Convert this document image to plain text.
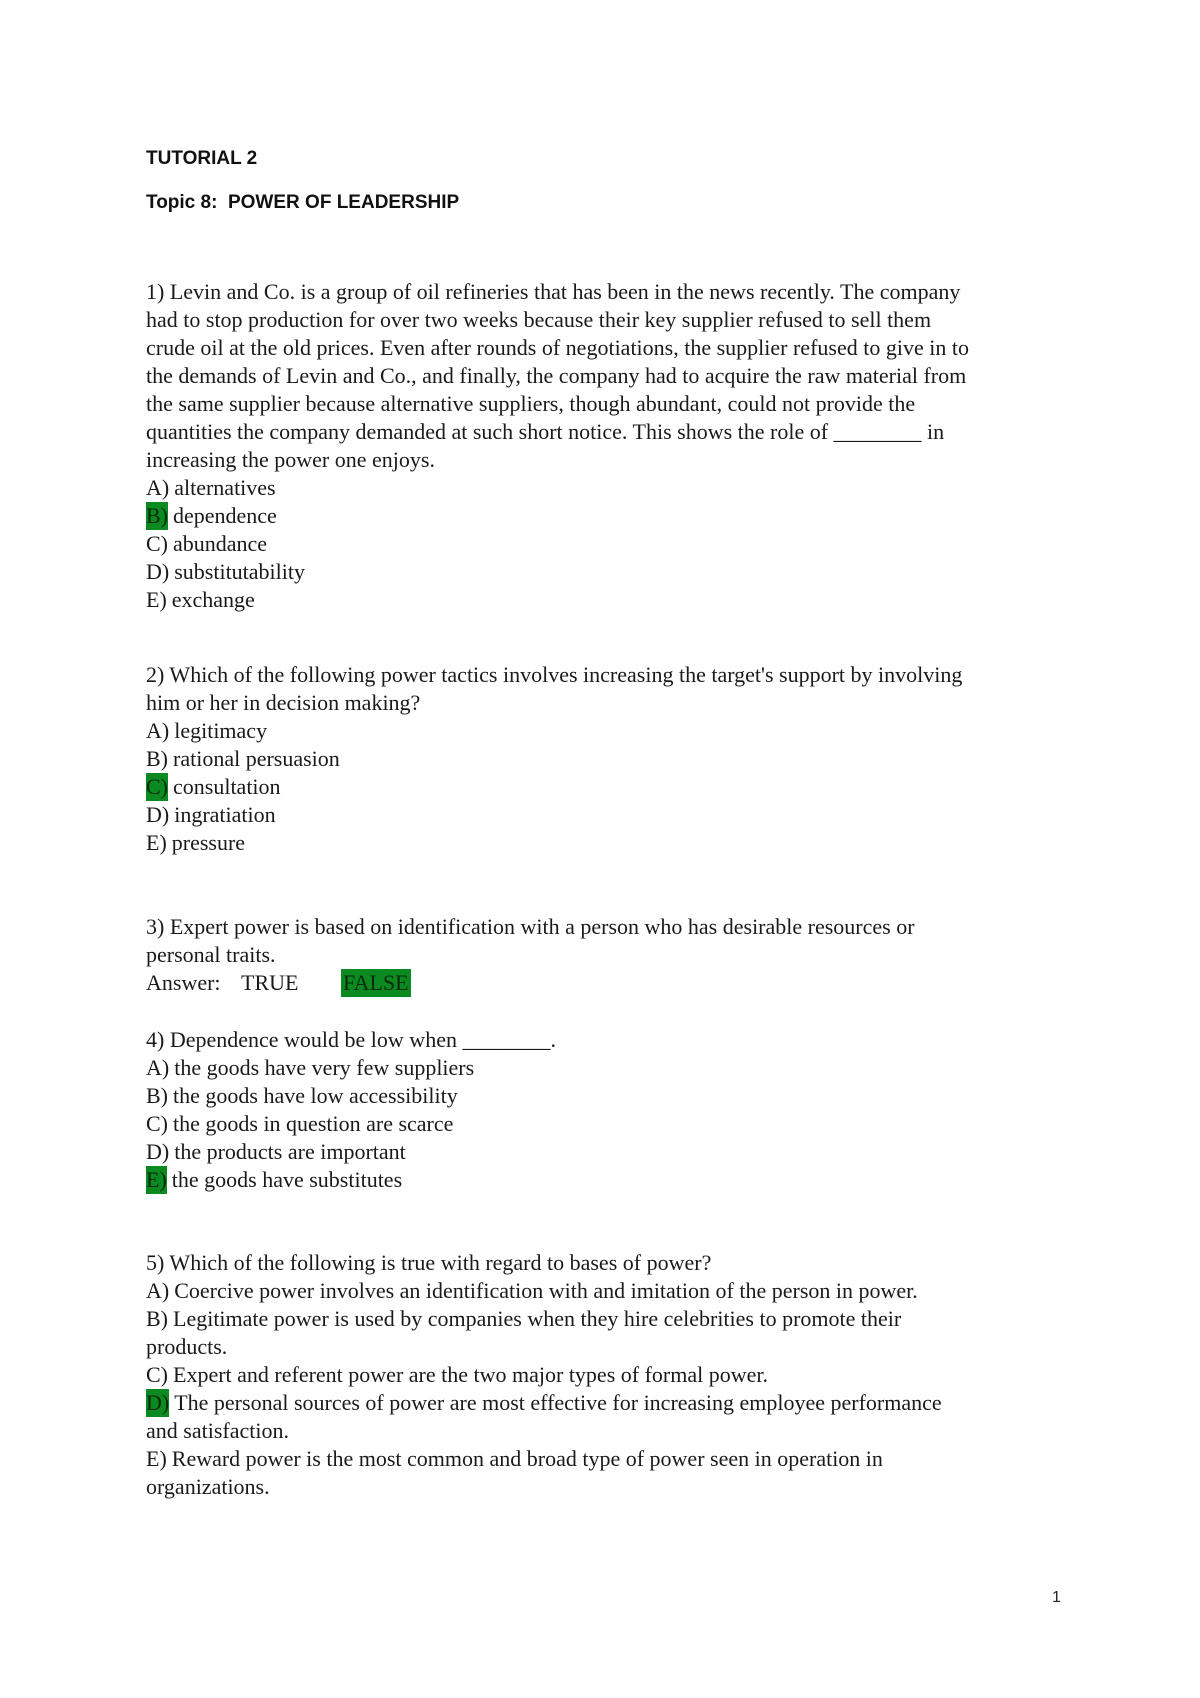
TUTORIAL 2
Topic 8:  POWER OF LEADERSHIP
1) Levin and Co. is a group of oil refineries that has been in the news recently. The company
had to stop production for over two weeks because their key supplier refused to sell them
crude oil at the old prices. Even after rounds of negotiations, the supplier refused to give in to
the demands of Levin and Co., and finally, the company had to acquire the raw material from
the same supplier because alternative suppliers, though abundant, could not provide the
quantities the company demanded at such short notice. This shows the role of ________ in
increasing the power one enjoys.
A) alternatives
B) dependence
C) abundance
D) substitutability
E) exchange
2) Which of the following power tactics involves increasing the target's support by involving
him or her in decision making?
A) legitimacy
B) rational persuasion
C) consultation
D) ingratiation
E) pressure
3) Expert power is based on identification with a person who has desirable resources or
personal traits.
Answer: TRUE FALSE
4) Dependence would be low when ________.
A) the goods have very few suppliers
B) the goods have low accessibility
C) the goods in question are scarce
D) the products are important
E) the goods have substitutes
5) Which of the following is true with regard to bases of power?
A) Coercive power involves an identification with and imitation of the person in power.
B) Legitimate power is used by companies when they hire celebrities to promote their
products.
C) Expert and referent power are the two major types of formal power.
D) The personal sources of power are most effective for increasing employee performance
and satisfaction.
E) Reward power is the most common and broad type of power seen in operation in
organizations.
1
